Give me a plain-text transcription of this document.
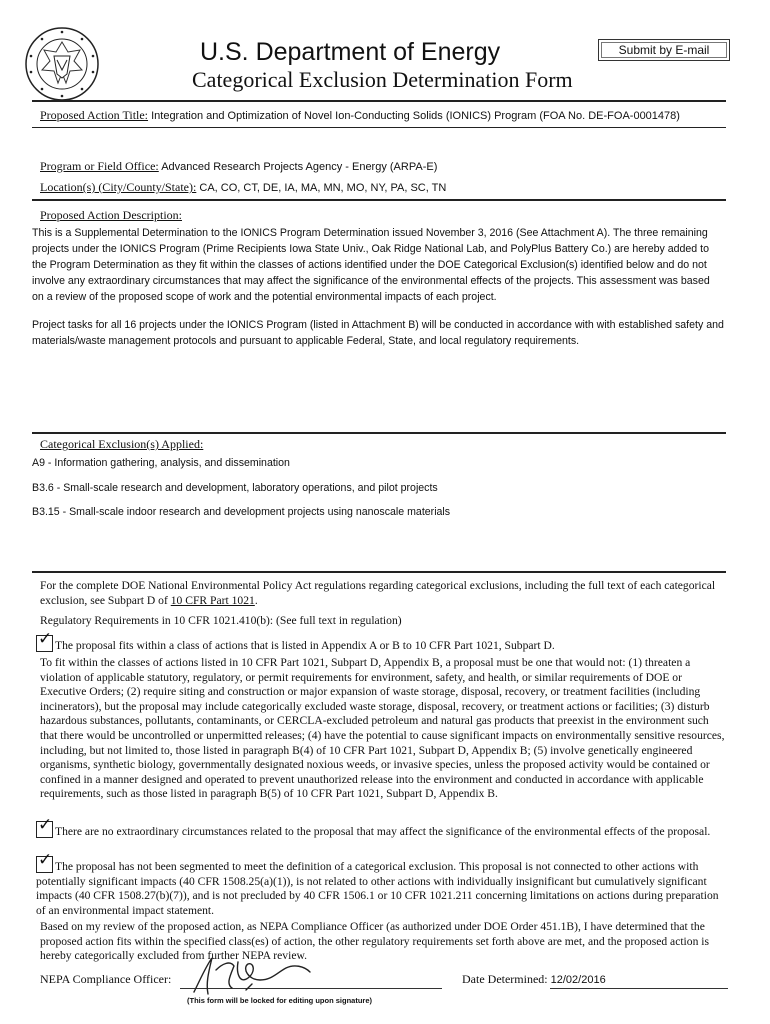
U.S. Department of Energy
Categorical Exclusion Determination Form
Submit by E-mail
Proposed Action Title: Integration and Optimization of Novel Ion-Conducting Solids (IONICS) Program (FOA No. DE-FOA-0001478)
Program or Field Office: Advanced Research Projects Agency - Energy (ARPA-E)
Location(s) (City/County/State): CA, CO, CT, DE, IA, MA, MN, MO, NY, PA, SC, TN
Proposed Action Description:
This is a Supplemental Determination to the IONICS Program Determination issued November 3, 2016 (See Attachment A). The three remaining projects under the IONICS Program (Prime Recipients Iowa State Univ., Oak Ridge National Lab, and PolyPlus Battery Co.) are hereby added to the Program Determination as they fit within the classes of actions identified under the DOE Categorical Exclusion(s) identified below and do not involve any extraordinary circumstances that may affect the significance of the environmental effects of the projects. This assessment was based on a review of the proposed scope of work and the potential environmental impacts of each project.
Project tasks for all 16 projects under the IONICS Program (listed in Attachment B) will be conducted in accordance with with established safety and materials/waste management protocols and pursuant to applicable Federal, State, and local regulatory requirements.
Categorical Exclusion(s) Applied:
A9 - Information gathering, analysis, and dissemination
B3.6 - Small-scale research and development, laboratory operations, and pilot projects
B3.15 - Small-scale indoor research and development projects using nanoscale materials
For the complete DOE National Environmental Policy Act regulations regarding categorical exclusions, including the full text of each categorical exclusion, see Subpart D of 10 CFR Part 1021.
Regulatory Requirements in 10 CFR 1021.410(b): (See full text in regulation)
✓The proposal fits within a class of actions that is listed in Appendix A or B to 10 CFR Part 1021, Subpart D.
To fit within the classes of actions listed in 10 CFR Part 1021, Subpart D, Appendix B, a proposal must be one that would not: (1) threaten a violation of applicable statutory, regulatory, or permit requirements for environment, safety, and health, or similar requirements of DOE or Executive Orders; (2) require siting and construction or major expansion of waste storage, disposal, recovery, or treatment facilities (including incinerators), but the proposal may include categorically excluded waste storage, disposal, recovery, or treatment actions or facilities; (3) disturb hazardous substances, pollutants, contaminants, or CERCLA-excluded petroleum and natural gas products that preexist in the environment such that there would be uncontrolled or unpermitted releases; (4) have the potential to cause significant impacts on environmentally sensitive resources, including, but not limited to, those listed in paragraph B(4) of 10 CFR Part 1021, Subpart D, Appendix B; (5) involve genetically engineered organisms, synthetic biology, governmentally designated noxious weeds, or invasive species, unless the proposed activity would be contained or confined in a manner designed and operated to prevent unauthorized release into the environment and conducted in accordance with applicable requirements, such as those listed in paragraph B(5) of 10 CFR Part 1021, Subpart D, Appendix B.
✓There are no extraordinary circumstances related to the proposal that may affect the significance of the environmental effects of the proposal.
✓The proposal has not been segmented to meet the definition of a categorical exclusion. This proposal is not connected to other actions with potentially significant impacts (40 CFR 1508.25(a)(1)), is not related to other actions with individually insignificant but cumulatively significant impacts (40 CFR 1508.27(b)(7)), and is not precluded by 40 CFR 1506.1 or 10 CFR 1021.211 concerning limitations on actions during preparation of an environmental impact statement.
Based on my review of the proposed action, as NEPA Compliance Officer (as authorized under DOE Order 451.1B), I have determined that the proposed action fits within the specified class(es) of action, the other regulatory requirements set forth above are met, and the proposed action is hereby categorically excluded from further NEPA review.
NEPA Compliance Officer:	Date Determined: 12/02/2016
(This form will be locked for editing upon signature)
